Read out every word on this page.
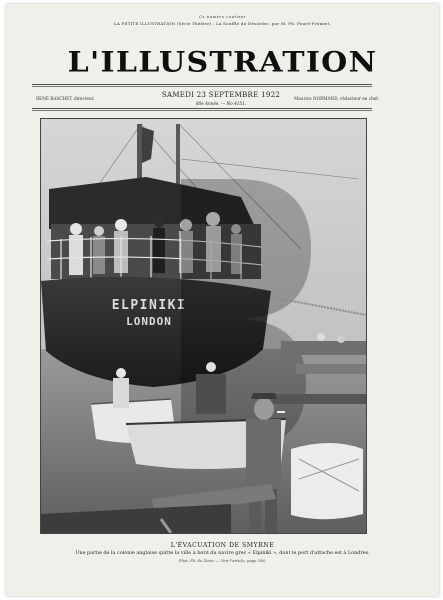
Ce numéro contient
LA PETITE ILLUSTRATION (Série Théâtre) : La Souffle du Désordre, par M. Ph. Fauré-Frémiet.
L'ILLUSTRATION
RENÉ BASCHET, directeur.	SAMEDI 23 SEPTEMBRE 1922
80e Année. — No 4151.
Maurice NORMAND, rédacteur en chef.
ELPINIKI
LONDON
L'ÉVACUATION DE SMYRNE
Une partie de la colonie anglaise quitte la ville à bord du navire grec « Elpiniki », dont le port d'attache est à Londres.
Phot. Ph. de Zorio. — Voir l'article, page 296.
